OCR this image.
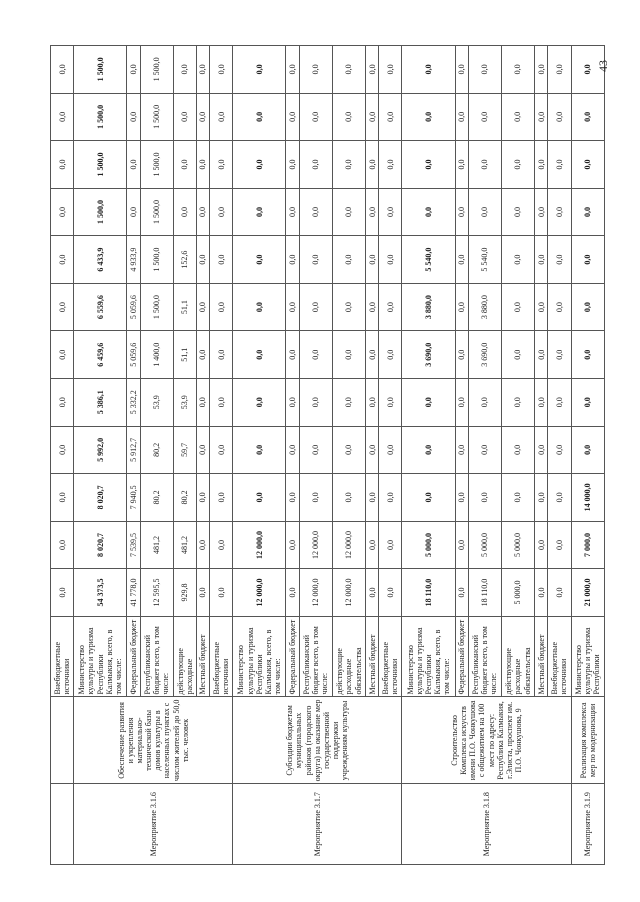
		Внебюджетные источники	0,0	0,0	0,0	0,0	0,0	0,0	0,0	0,0	0,0	0,0	0,0	0,0
Мероприятие 3.1.6	Обеспечение развития и укрепления материально-технической базы домов культуры в населенных пунктах с числом жителей до 50,0 тыс. человек	Министерство культуры и туризма Республики Калмыкия, всего, в том числе:	54 373,5	8 020,7	8 020,7	5 992,0	5 386,1	6 459,6	6 559,6	6 433,9	1 500,0	1 500,0	1 500,0	1 500,0
		Федеральный бюджет	41 778,0	7 539,5	7 940,5	5 912,7	5 332,2	5 059,6	5 059,6	4 933,9	0,0	0,0	0,0	0,0
		Республиканский бюджет всего, в том числе:	12 595,5	481,2	80,2	80,2	53,9	1 400,0	1 500,0	1 500,0	1 500,0	1 500,0	1 500,0	1 500,0
		действующие расходные	929,8	481,2	80,2	59,7	53,9	51,1	51,1	152,6	0,0	0,0	0,0	0,0
		Местный бюджет	0,0	0,0	0,0	0,0	0,0	0,0	0,0	0,0	0,0	0,0	0,0	0,0
		Внебюджетные источники	0,0	0,0	0,0	0,0	0,0	0,0	0,0	0,0	0,0	0,0	0,0	0,0
Мероприятие 3.1.7	Субсидии бюджетам муниципальных районов (городского округа) на оказание мер государственной поддержки учреждениям культуры	Министерство культуры и туризма Республики Калмыкия, всего, в том числе:	12 000,0	12 000,0	0,0	0,0	0,0	0,0	0,0	0,0	0,0	0,0	0,0	0,0
		Федеральный бюджет	0,0	0,0	0,0	0,0	0,0	0,0	0,0	0,0	0,0	0,0	0,0	0,0
		Республиканский бюджет всего, в том числе:	12 000,0	12 000,0	0,0	0,0	0,0	0,0	0,0	0,0	0,0	0,0	0,0	0,0
		действующие расходные обязательства	12 000,0	12 000,0	0,0	0,0	0,0	0,0	0,0	0,0	0,0	0,0	0,0	0,0
		Местный бюджет	0,0	0,0	0,0	0,0	0,0	0,0	0,0	0,0	0,0	0,0	0,0	0,0
		Внебюджетные источники	0,0	0,0	0,0	0,0	0,0	0,0	0,0	0,0	0,0	0,0	0,0	0,0
Мероприятие 3.1.8	Строительство Комплекса искусств имени П.О. Чонкушова с общежитием на 100 мест по адресу: Республика Калмыкия, г.Элиста, проспект им. П.О. Чонкушова, 9	Министерство культуры и туризма Республики Калмыкия, всего, в том числе:	18 110,0	5 000,0	0,0	0,0	0,0	3 690,0	3 880,0	5 540,0	0,0	0,0	0,0	0,0
		Федеральный бюджет	0,0	0,0	0,0	0,0	0,0	0,0	0,0	0,0	0,0	0,0	0,0	0,0
		Республиканский бюджет всего, в том числе:	18 110,0	5 000,0	0,0	0,0	0,0	3 690,0	3 880,0	5 540,0	0,0	0,0	0,0	0,0
		действующие расходные обязательства	5 000,0	5 000,0	0,0	0,0	0,0	0,0	0,0	0,0	0,0	0,0	0,0	0,0
		Местный бюджет	0,0	0,0	0,0	0,0	0,0	0,0	0,0	0,0	0,0	0,0	0,0	0,0
		Внебюджетные источники	0,0	0,0	0,0	0,0	0,0	0,0	0,0	0,0	0,0	0,0	0,0	0,0
Мероприятие 3.1.9	Реализация комплекса мер по модернизации	Министерство культуры и туризма Республики	21 000,0	7 000,0	14 000,0	0,0	0,0	0,0	0,0	0,0	0,0	0,0	0,0	0,0 43
